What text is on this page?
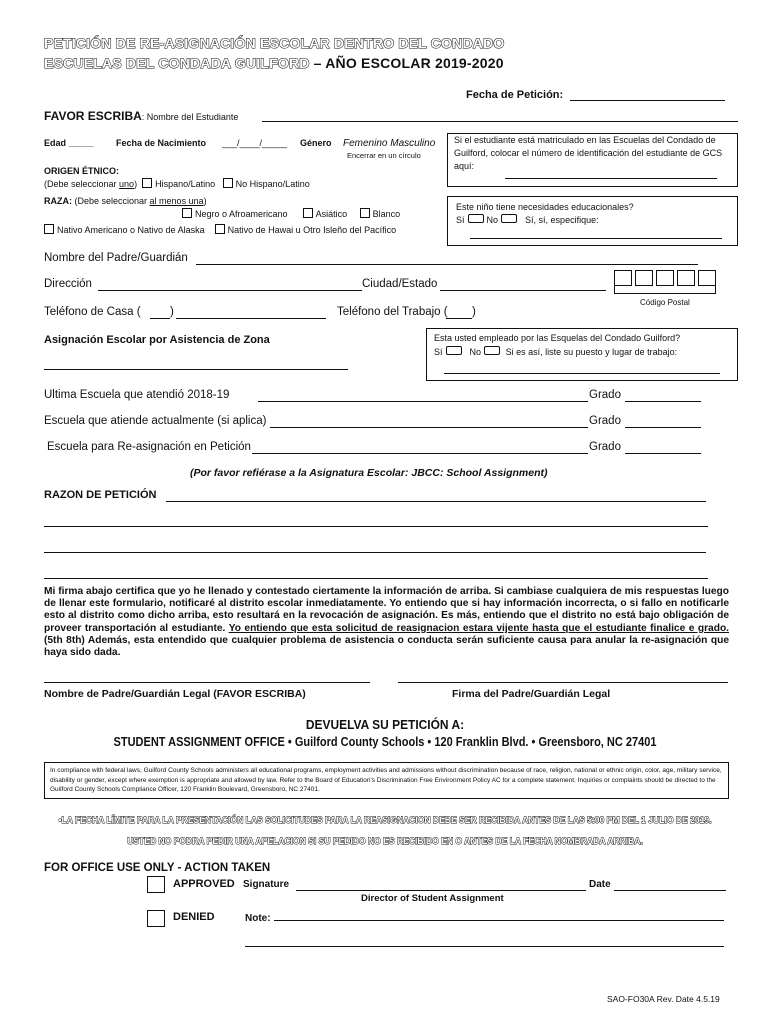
PETICIÓN DE RE-ASIGNACIÓN ESCOLAR DENTRO DEL CONDADO
ESCUELAS DEL CONDADA GUILFORD – AÑO ESCOLAR 2019-2020
Fecha de Petición:
FAVOR ESCRIBA: Nombre del Estudiante
Edad _____ Fecha de Nacimiento ___/____/_____ Género Femenino Masculino
Encerrar en un círculo
Si el estudiante está matriculado en las Escuelas del Condado de Guilford, colocar el número de identificación del estudiante de GCS aquí:
ORIGEN ÉTNICO:
(Debe seleccionar uno) Hispano/Latino No Hispano/Latino
RAZA: (Debe seleccionar al menos una)
Negro o Afroamericano	Asiático	Blanco
Nativo Americano o Nativo de Alaska	Nativo de Hawai u Otro Isleño del Pacífico
Este niño tiene necesidades educacionales?
Sí No	Sí, sí, especifique:
Nombre del Padre/Guardián
Dirección	Ciudad/Estado
Código Postal
Teléfono de Casa (	)	Teléfono del Trabajo ( )
Asignación Escolar por Asistencia de Zona	Esta usted empleado por las Esquelas del Condado Guilford?
Sí	No	Si es así, liste su puesto y lugar de trabajo:
Ultima Escuela que atendió 2018-19	Grado
Escuela que atiende actualmente (si aplica)	Grado
Escuela para Re-asignación en Petición	Grado
(Por favor refiérase a la Asignatura Escolar: JBCC: School Assignment)
RAZON DE PETICIÓN
Mi firma abajo certifica que yo he llenado y contestado ciertamente la información de arriba. Si cambiase cualquiera de mis respuestas luego de llenar este formulario, notificaré al distrito escolar inmediatamente. Yo entiendo que si hay información incorrecta, o si fallo en notificarle esto al distrito como dicho arriba, esto resultará en la revocación de asignación. Es más, entiendo que el distrito no está bajo obligación de proveer transportación al estudiante. Yo entiendo que esta solicitud de reasignacion estara vijente hasta que el estudiante finalice e grado.(5th 8th) Además, esta entendido que cualquier problema de asistencia o conducta serán suficiente causa para anular la re-asignación que haya sido dada.
Nombre de Padre/Guardián Legal (FAVOR ESCRIBA)	Firma del Padre/Guardián Legal
DEVUELVA SU PETICIÓN A:
STUDENT ASSIGNMENT OFFICE • Guilford County Schools • 120 Franklin Blvd. • Greensboro, NC 27401
In compliance with federal laws, Guilford County Schools administers all educational programs, employment activities and admissions without discrimination because of race, religion, national or ethnic origin, color, age, military service, disability or gender, except where exemption is appropriate and allowed by law. Refer to the Board of Education's Discrimination Free Environment Policy AC for a complete statement. Inquiries or complaints should be directed to the Guilford County Schools Compliance Officer, 120 Franklin Boulevard, Greensboro, NC 27401.
•LA FECHA LÍMITE PARA LA PRESENTACIÓN LAS SOLICITUDES PARA LA REASIGNACION DEBE SER RECIBIDA ANTES DE LAS 5:00 PM DEL 1 JULIO DE 2019.
USTED NO PODRA PEDIR UNA APELACION SI SU PEDIDO NO ES RECIBIDO EN O ANTES DE LA FECHA NOMBRADA ARRIBA.
FOR OFFICE USE ONLY - ACTION TAKEN
APPROVED Signature	Date
Director of Student Assignment
DENIED	Note:
SAO-FO30A Rev. Date 4.5.19
